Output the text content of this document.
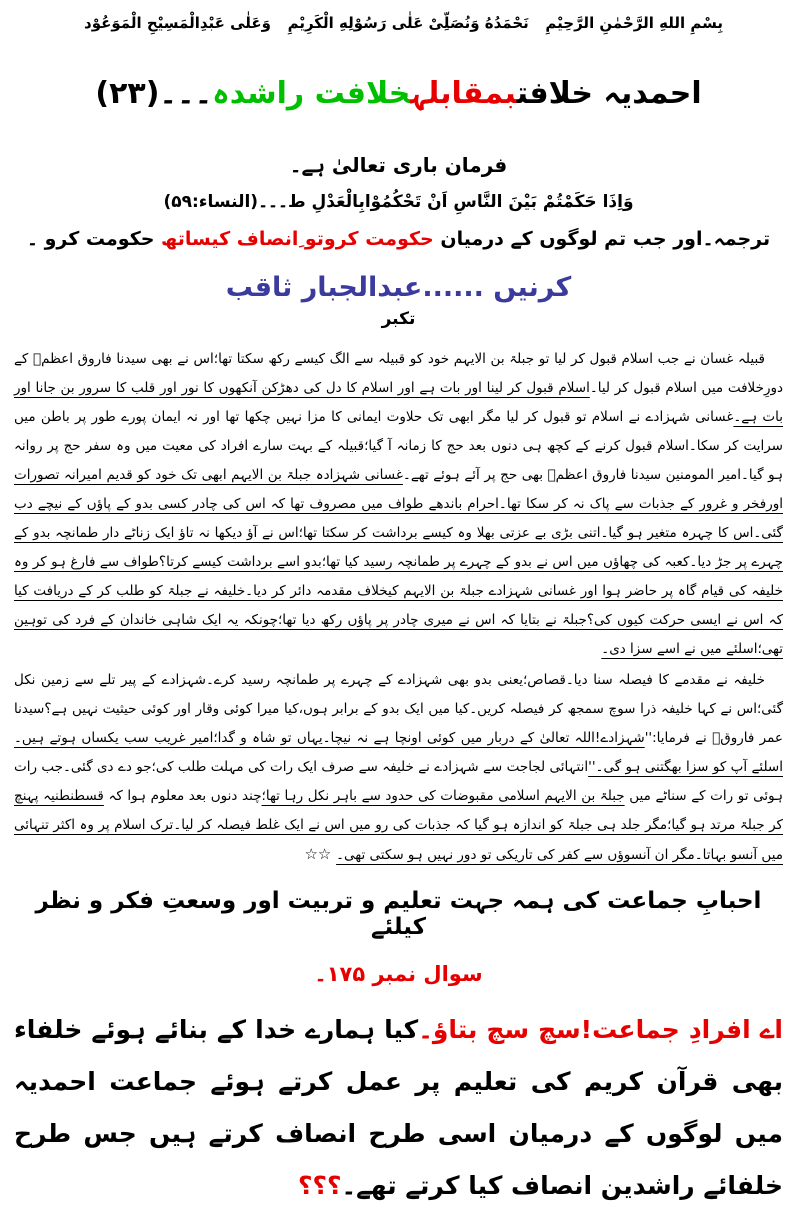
بِسْمِ اللهِ الرَّحْمٰنِ الرَّحِيْمِ
نَحْمَدُهُ وَنُصَلِّىْ عَلٰى رَسُوْلِهِ الْكَرِيْمِ
وَعَلٰى عَبْدِالْمَسِيْحِ الْمَوَعُوْد
احمدیہ خلافتبمقابلہخلافت راشدہ۔۔۔(۲۳)
فرمان باری تعالیٰ ہے۔
وَاِذَا حَكَمْتُمْ بَيْنَ النَّاسِ اَنْ تَحْكُمُوْابِالْعَدْلِ ط۔۔۔(النساء:۵۹)
ترجمہ۔اور جب تم لوگوں کے درمیان حکومت کروتو ِانصاف کیساتھ حکومت کرو ۔
کرنیں ......عبدالجبار ثاقب
تکبر

قبیلہ غسان نے جب اسلام قبول کر لیا تو جبلۃ بن الایہم خود کو قبیلہ سے الگ کیسے رکھ سکتا تھا؛اس نے بھی سیدنا فاروق اعظمؓ کے دورِخلافت میں اسلام قبول کر لیا۔اسلام قبول کر لینا اور بات ہے اور اسلام کا دل کی دھڑکن آنکھوں کا نور اور قلب کا سرور بن جانا اور بات ہے۔غسانی شہزادے نے اسلام تو قبول کر لیا مگر ابھی تک حلاوت ایمانی کا مزا نہیں چکھا تھا اور نہ ایمان پورے طور پر باطن میں سرایت کر سکا۔اسلام قبول کرنے کے کچھ ہی دنوں بعد حج کا زمانہ آ گیا؛قبیلہ کے بہت سارے افراد کی معیت میں وہ سفر حج پر روانہ ہو گیا۔امیر المومنین سیدنا فاروق اعظمؓ بھی حج پر آئے ہوئے تھے۔غسانی شہزادہ جبلۃ بن الایہم ابھی تک خود کو قدیم امیرانہ تصورات اورفخر و غرور کے جذبات سے پاک نہ کر سکا تھا۔احرام باندھے طواف میں مصروف تھا کہ اس کی چادر کسی بدو کے پاؤں کے نیچے دب گئی۔اس کا چہرہ متغیر ہو گیا۔اتنی بڑی بے عزتی بھلا وہ کیسے برداشت کر سکتا تھا؛اس نے آؤ دیکھا نہ تاؤ ایک زناٹے دار طمانچہ بدو کے چہرے پر جڑ دیا۔کعبہ کی چھاؤں میں اس نے بدو کے چہرے پر طمانچہ رسید کیا تھا؛بدو اسے برداشت کیسے کرتا؟طواف سے فارغ ہو کر وہ خلیفہ کی قیام گاہ پر حاضر ہوا اور غسانی شہزادے جبلۃ بن الایہم کیخلاف مقدمہ دائر کر دیا۔خلیفہ نے جبلۃ کو طلب کر کے دریافت کیا کہ اس نے ایسی حرکت کیوں کی؟جبلۃ نے بتایا کہ اس نے میری چادر پر پاؤں رکھ دیا تھا؛چونکہ یہ ایک شاہی خاندان کے فرد کی توہین تھی؛اسلئے میں نے اسے سزا دی۔

خلیفہ نے مقدمے کا فیصلہ سنا دیا۔قصاص؛یعنی بدو بھی شہزادے کے چہرے پر طمانچہ رسید کرے۔شہزادے کے پیر تلے سے زمین نکل گئی؛اس نے کہا خلیفہ ذرا سوچ سمجھ کر فیصلہ کریں۔کیا میں ایک بدو کے برابر ہوں،کیا میرا کوئی وقار اور کوئی حیثیت نہیں ہے؟سیدنا عمر فاروقؓ نے فرمایا:''شہزادے!اللہ تعالیٰ کے دربار میں کوئی اونچا ہے نہ نیچا۔یہاں تو شاہ و گدا؛امیر غریب سب یکساں ہوتے ہیں۔اسلئے آپ کو سزا بھگتنی ہو گی۔''انتہائی لجاجت سے شہزادے نے خلیفہ سے صرف ایک رات کی مہلت طلب کی؛جو دے دی گئی۔جب رات ہوئی تو رات کے سناٹے میں جبلۃ بن الایہم اسلامی مقبوضات کی حدود سے باہر نکل رہا تھا؛چند دنوں بعد معلوم ہوا کہ قسطنطنیہ پہنچ کر جبلۃ مرتد ہو گیا؛مگر جلد ہی جبلۃ کو اندازہ ہو گیا کہ جذبات کی رو میں اس نے ایک غلط فیصلہ کر لیا۔ترک اسلام پر وہ اکثر تنہائی میں آنسو بہاتا۔مگر ان آنسوؤں سے کفر کی تاریکی تو دور نہیں ہو سکتی تھی۔ ☆☆

احبابِ جماعت کی ہمہ جہت تعلیم و تربیت اور وسعتِ فکر و نظر کیلئے
سوال نمبر ۱۷۵۔
اے افرادِ جماعت!سچ سچ بتاؤ۔کیا ہمارے خدا کے بنائے ہوئے خلفاء بھی قرآن کریم کی تعلیم پر عمل کرتے ہوئے جماعت احمدیہ میں لوگوں کے درمیان اسی طرح انصاف کرتے ہیں جس طرح خلفائے راشدین انصاف کیا کرتے تھے۔؟؟؟
